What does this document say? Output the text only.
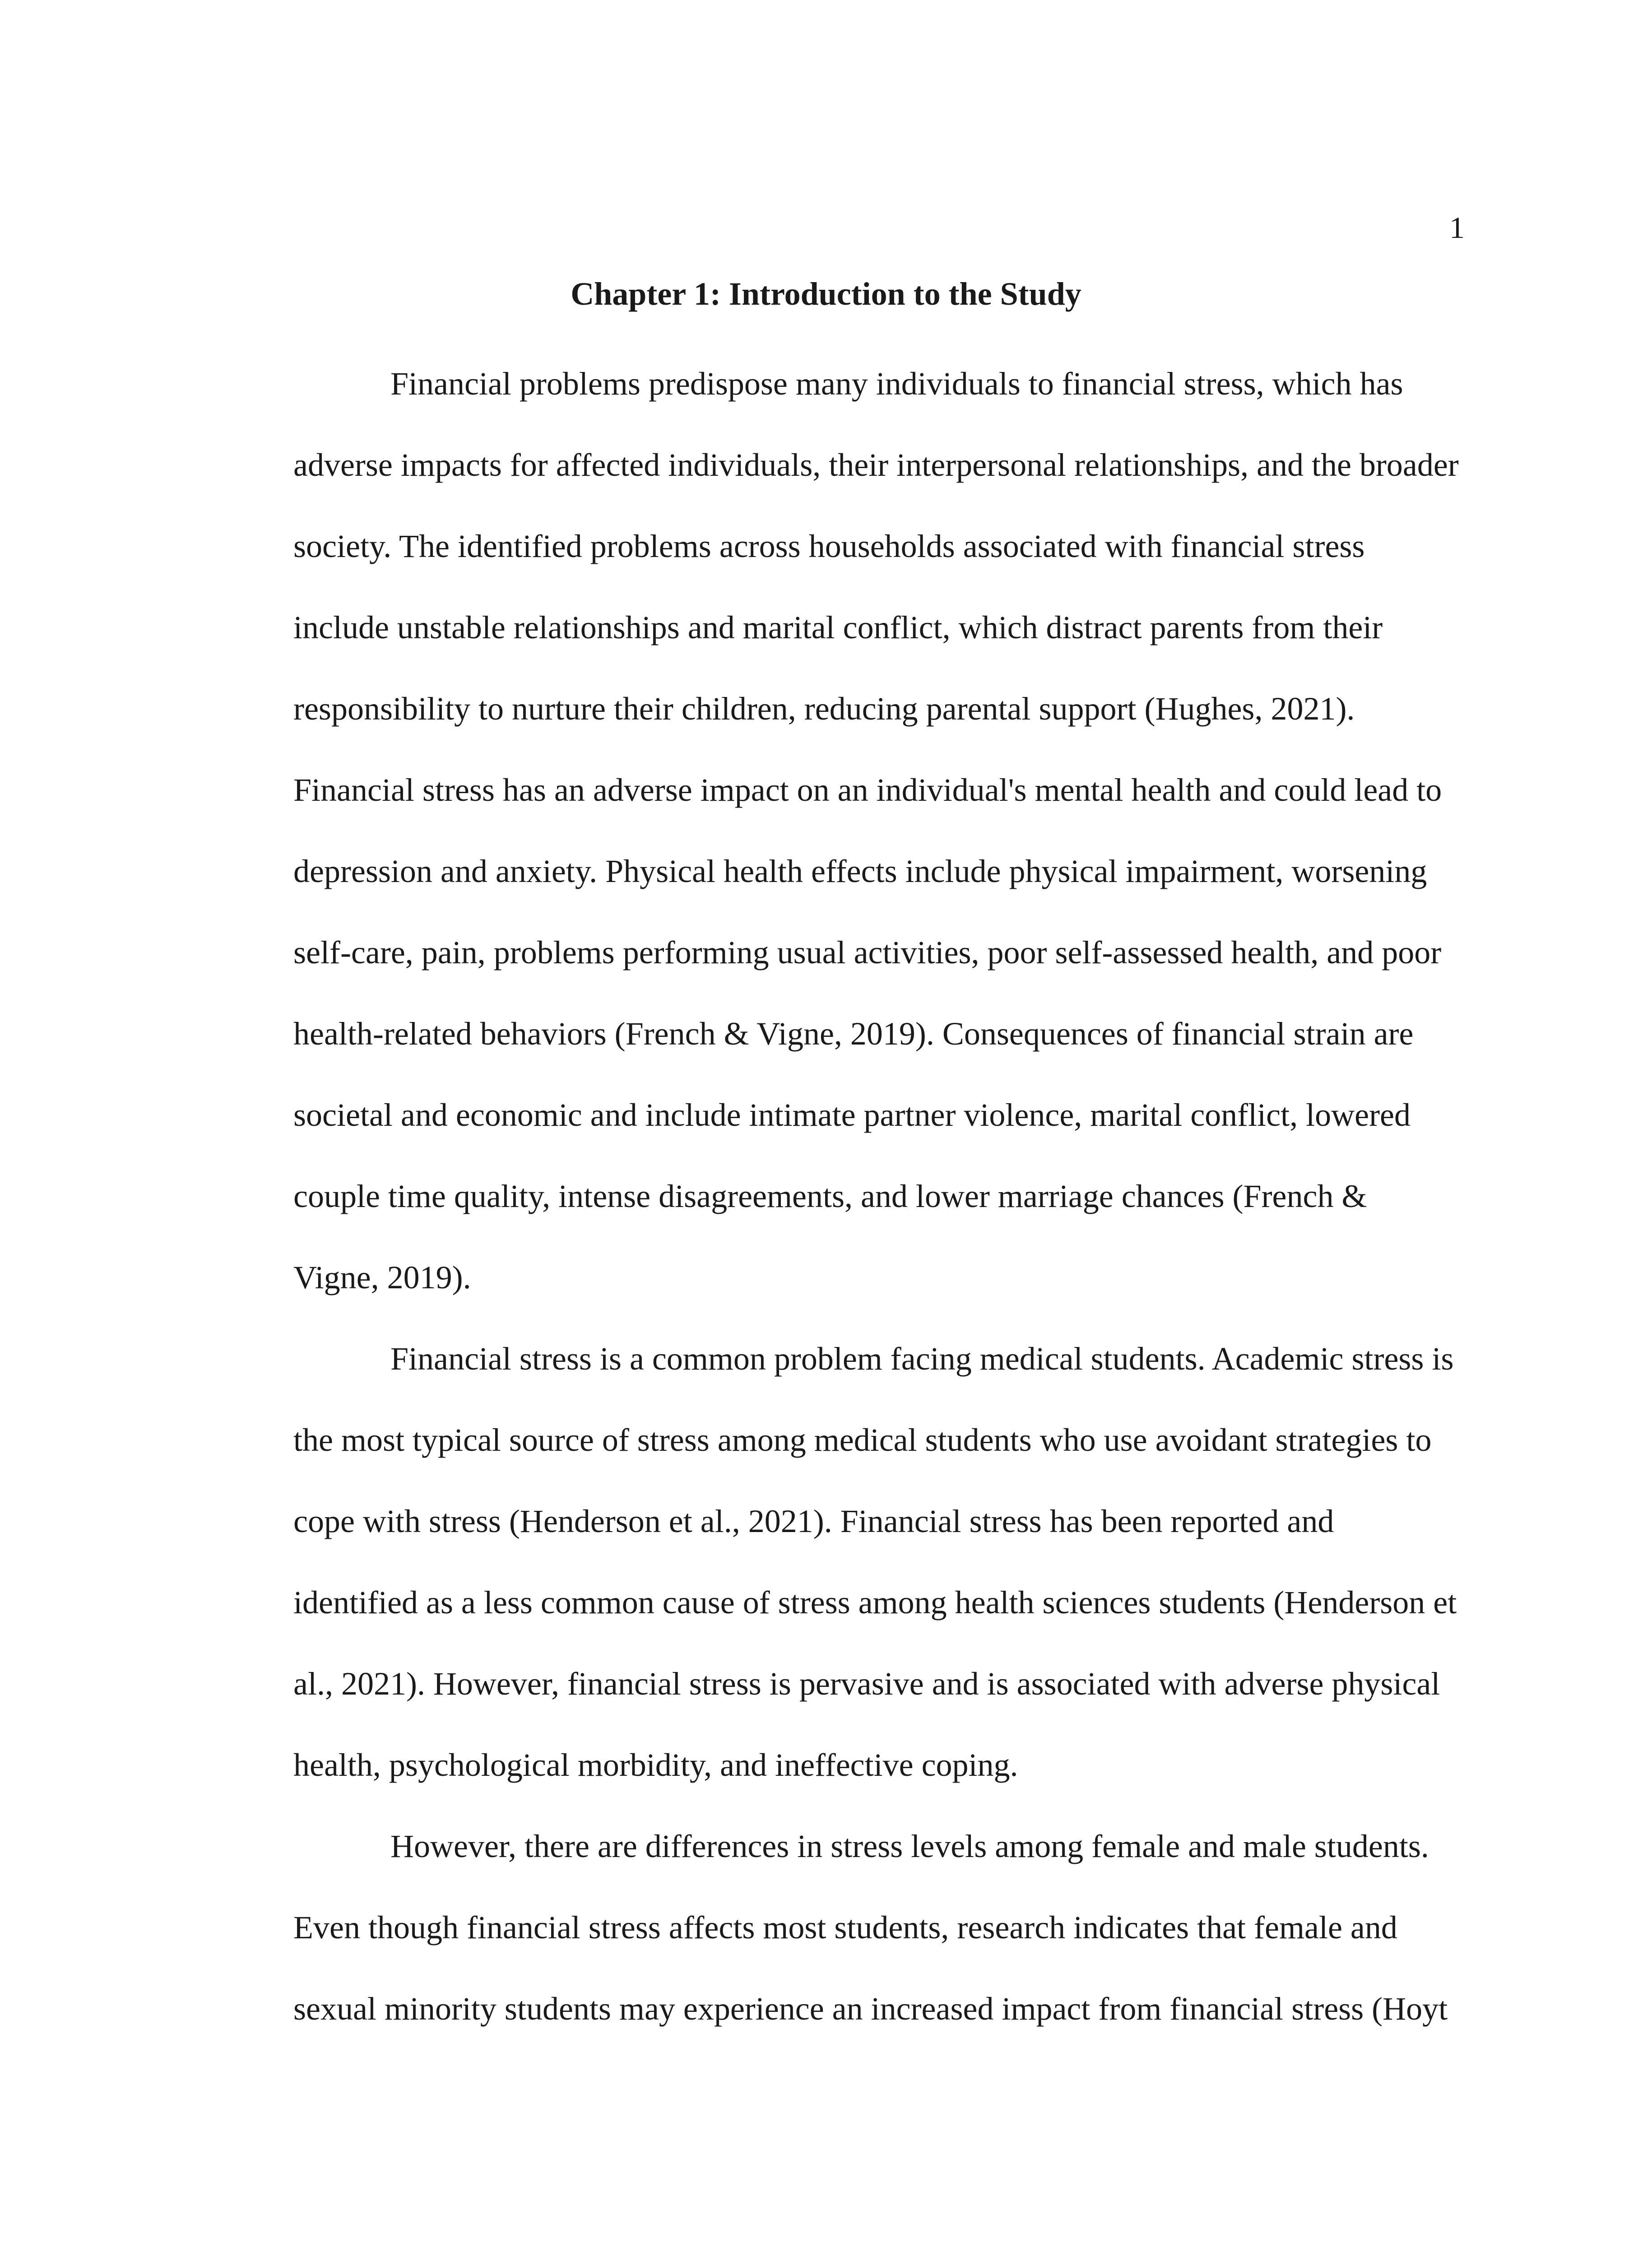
1
Chapter 1: Introduction to the Study
Financial problems predispose many individuals to financial stress, which has
adverse impacts for affected individuals, their interpersonal relationships, and the broader
society. The identified problems across households associated with financial stress
include unstable relationships and marital conflict, which distract parents from their
responsibility to nurture their children, reducing parental support (Hughes, 2021).
Financial stress has an adverse impact on an individual's mental health and could lead to
depression and anxiety. Physical health effects include physical impairment, worsening
self-care, pain, problems performing usual activities, poor self-assessed health, and poor
health-related behaviors (French & Vigne, 2019). Consequences of financial strain are
societal and economic and include intimate partner violence, marital conflict, lowered
couple time quality, intense disagreements, and lower marriage chances (French &
Vigne, 2019).
Financial stress is a common problem facing medical students. Academic stress is
the most typical source of stress among medical students who use avoidant strategies to
cope with stress (Henderson et al., 2021). Financial stress has been reported and
identified as a less common cause of stress among health sciences students (Henderson et
al., 2021). However, financial stress is pervasive and is associated with adverse physical
health, psychological morbidity, and ineffective coping.
However, there are differences in stress levels among female and male students.
Even though financial stress affects most students, research indicates that female and
sexual minority students may experience an increased impact from financial stress (Hoyt
